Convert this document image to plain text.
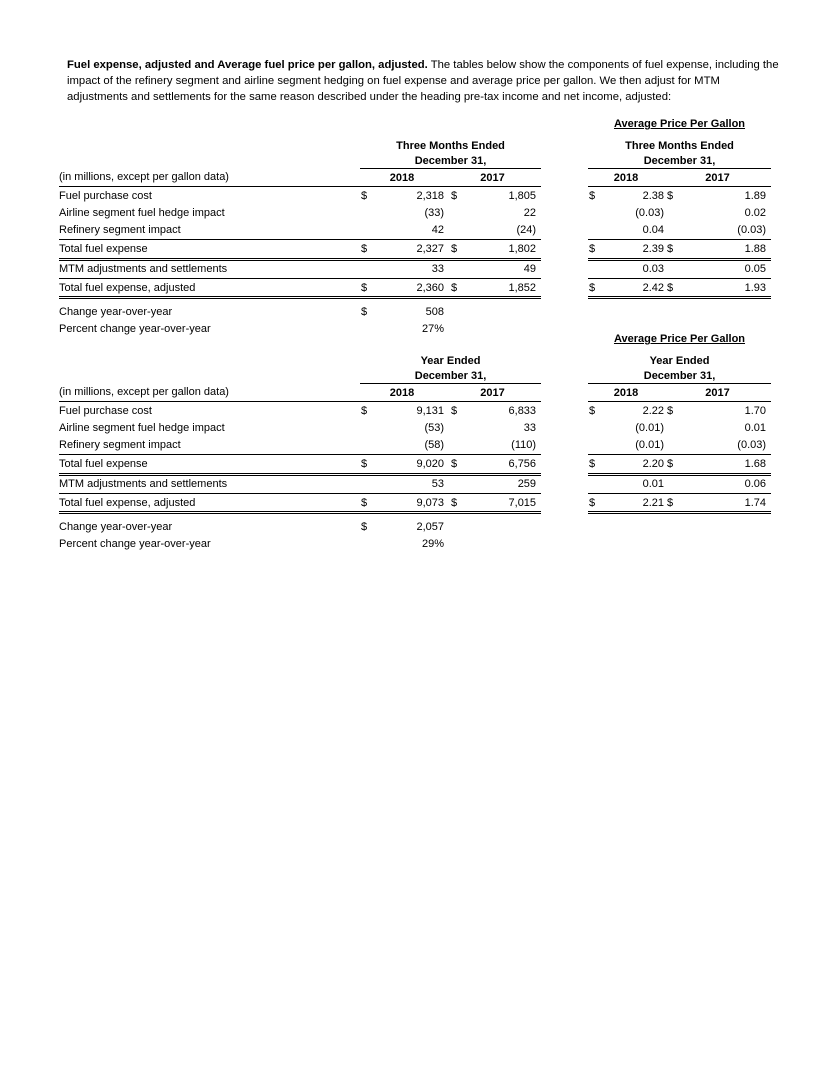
Fuel expense, adjusted and Average fuel price per gallon, adjusted. The tables below show the components of fuel expense, including the impact of the refinery segment and airline segment hedging on fuel expense and average price per gallon. We then adjust for MTM adjustments and settlements for the same reason described under the heading pre-tax income and net income, adjusted:

	Three Months Ended			
	December 31,			
(in millions, except per gallon data)	2018		2017	
Fuel purchase cost	$	2,318	$	1,805
Airline segment fuel hedge impact		(33)		22
Refinery segment impact		42		(24)
Total fuel expense	$	2,327	$	1,802
MTM adjustments and settlements		33		49
Total fuel expense, adjusted	$	2,360	$	1,852
Change year-over-year	$	508		
Percent change year-over-year		27%		
Average Price Per Gallon
Three Months Ended			
December 31,			
2018		2017	
$	2.38	$	1.89
	(0.03)		0.02
	0.04		(0.03)
$	2.39	$	1.88
	0.03		0.05
$	2.42	$	1.93
	Year Ended			
	December 31,			
(in millions, except per gallon data)	2018		2017	
Fuel purchase cost	$	9,131	$	6,833
Airline segment fuel hedge impact		(53)		33
Refinery segment impact		(58)		(110)
Total fuel expense	$	9,020	$	6,756
MTM adjustments and settlements		53		259
Total fuel expense, adjusted	$	9,073	$	7,015
Change year-over-year	$	2,057		
Percent change year-over-year		29%		
Average Price Per Gallon
Year Ended			
December 31,			
2018		2017	
$	2.22	$	1.70
	(0.01)		0.01
	(0.01)		(0.03)
$	2.20	$	1.68
	0.01		0.06
$	2.21	$	1.74
